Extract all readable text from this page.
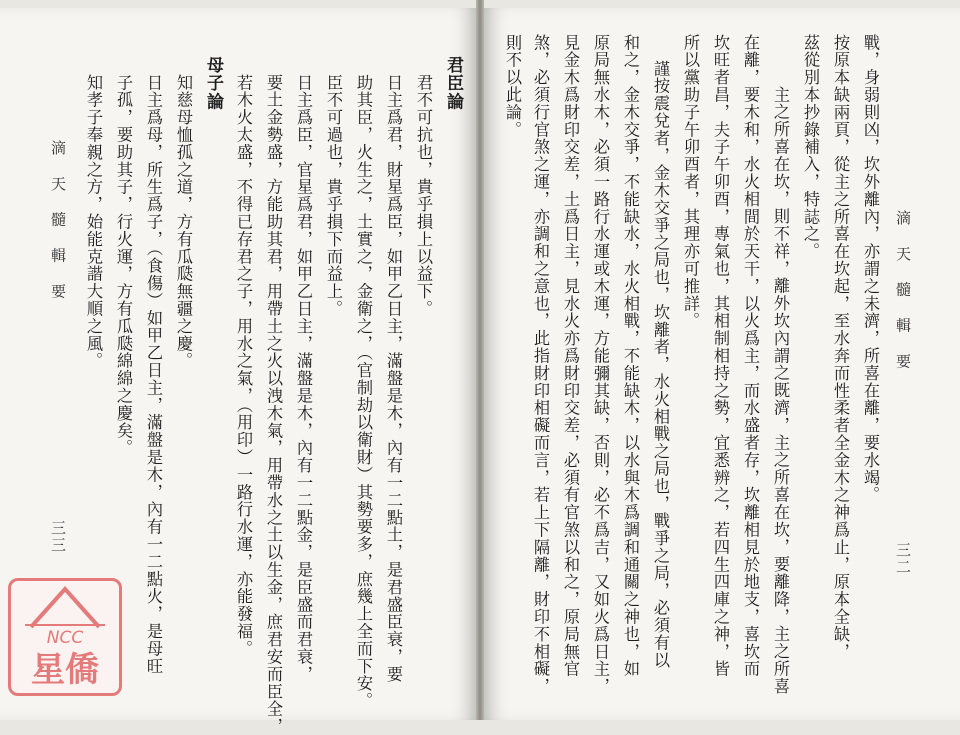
滴 天 髓 輯 要
三二
戰，身弱則凶，坎外離內，亦謂之未濟，所喜在離，要水竭。
按原本缺兩頁，從主之所喜在坎起，至水奔而性柔者全金木之神爲止，原本全缺，
茲從別本抄錄補入，特誌之。
主之所喜在坎，則不祥，離外坎內謂之既濟，主之所喜在坎，要離降，主之所喜
在離，要木和，水火相間於天干，以火爲主，而水盛者存，坎離相見於地支，喜坎而
坎旺者昌，夫子午卯酉，專氣也，其相制相持之勢，宜悉辨之，若四生四庫之神，皆
所以黨助子午卯酉者，其理亦可推詳。
謹按震兌者，金木交爭之局也，坎離者，水火相戰之局也，戰爭之局，必須有以
和之，金木交爭，不能缺水，水火相戰，不能缺木，以水與木爲調和通關之神也，如
原局無水木，必須一路行水運或木運，方能彌其缺，否則，必不爲吉，又如火爲日主，
見金木爲財印交差，土爲日主，見水火亦爲財印交差，必須有官煞以和之，原局無官
煞，必須行官煞之運，亦調和之意也，此指財印相礙而言，若上下隔離，財印不相礙，
則不以此論。
君臣論
君不可抗也，貴乎損上以益下。
日主爲君，財星爲臣，如甲乙日主，滿盤是木，內有一二點土，是君盛臣衰，要
助其臣，火生之，土實之，金衛之，（官制劫以衛財）其勢要多，庶幾上全而下安。
臣不可過也，貴乎損下而益上。
日主爲臣，官星爲君，如甲乙日主，滿盤是木，內有一二點金，是臣盛而君衰，
要土金勢盛，方能助其君，用帶土之火以洩木氣，用帶水之土以生金，庶君安而臣全，
若木火太盛，不得已存君之子，用水之氣，（用印）一路行水運，亦能發福。
母子論
知慈母恤孤之道，方有瓜瓞無疆之慶。
日主爲母，所生爲子，（食傷）如甲乙日主，滿盤是木，內有一二點火，是母旺
子孤，要助其子，行火運，方有瓜瓞綿綿之慶矣。
知孝子奉親之方，始能克諧大順之風。
滴 天 髓 輯 要
三三
NCC
星僑
